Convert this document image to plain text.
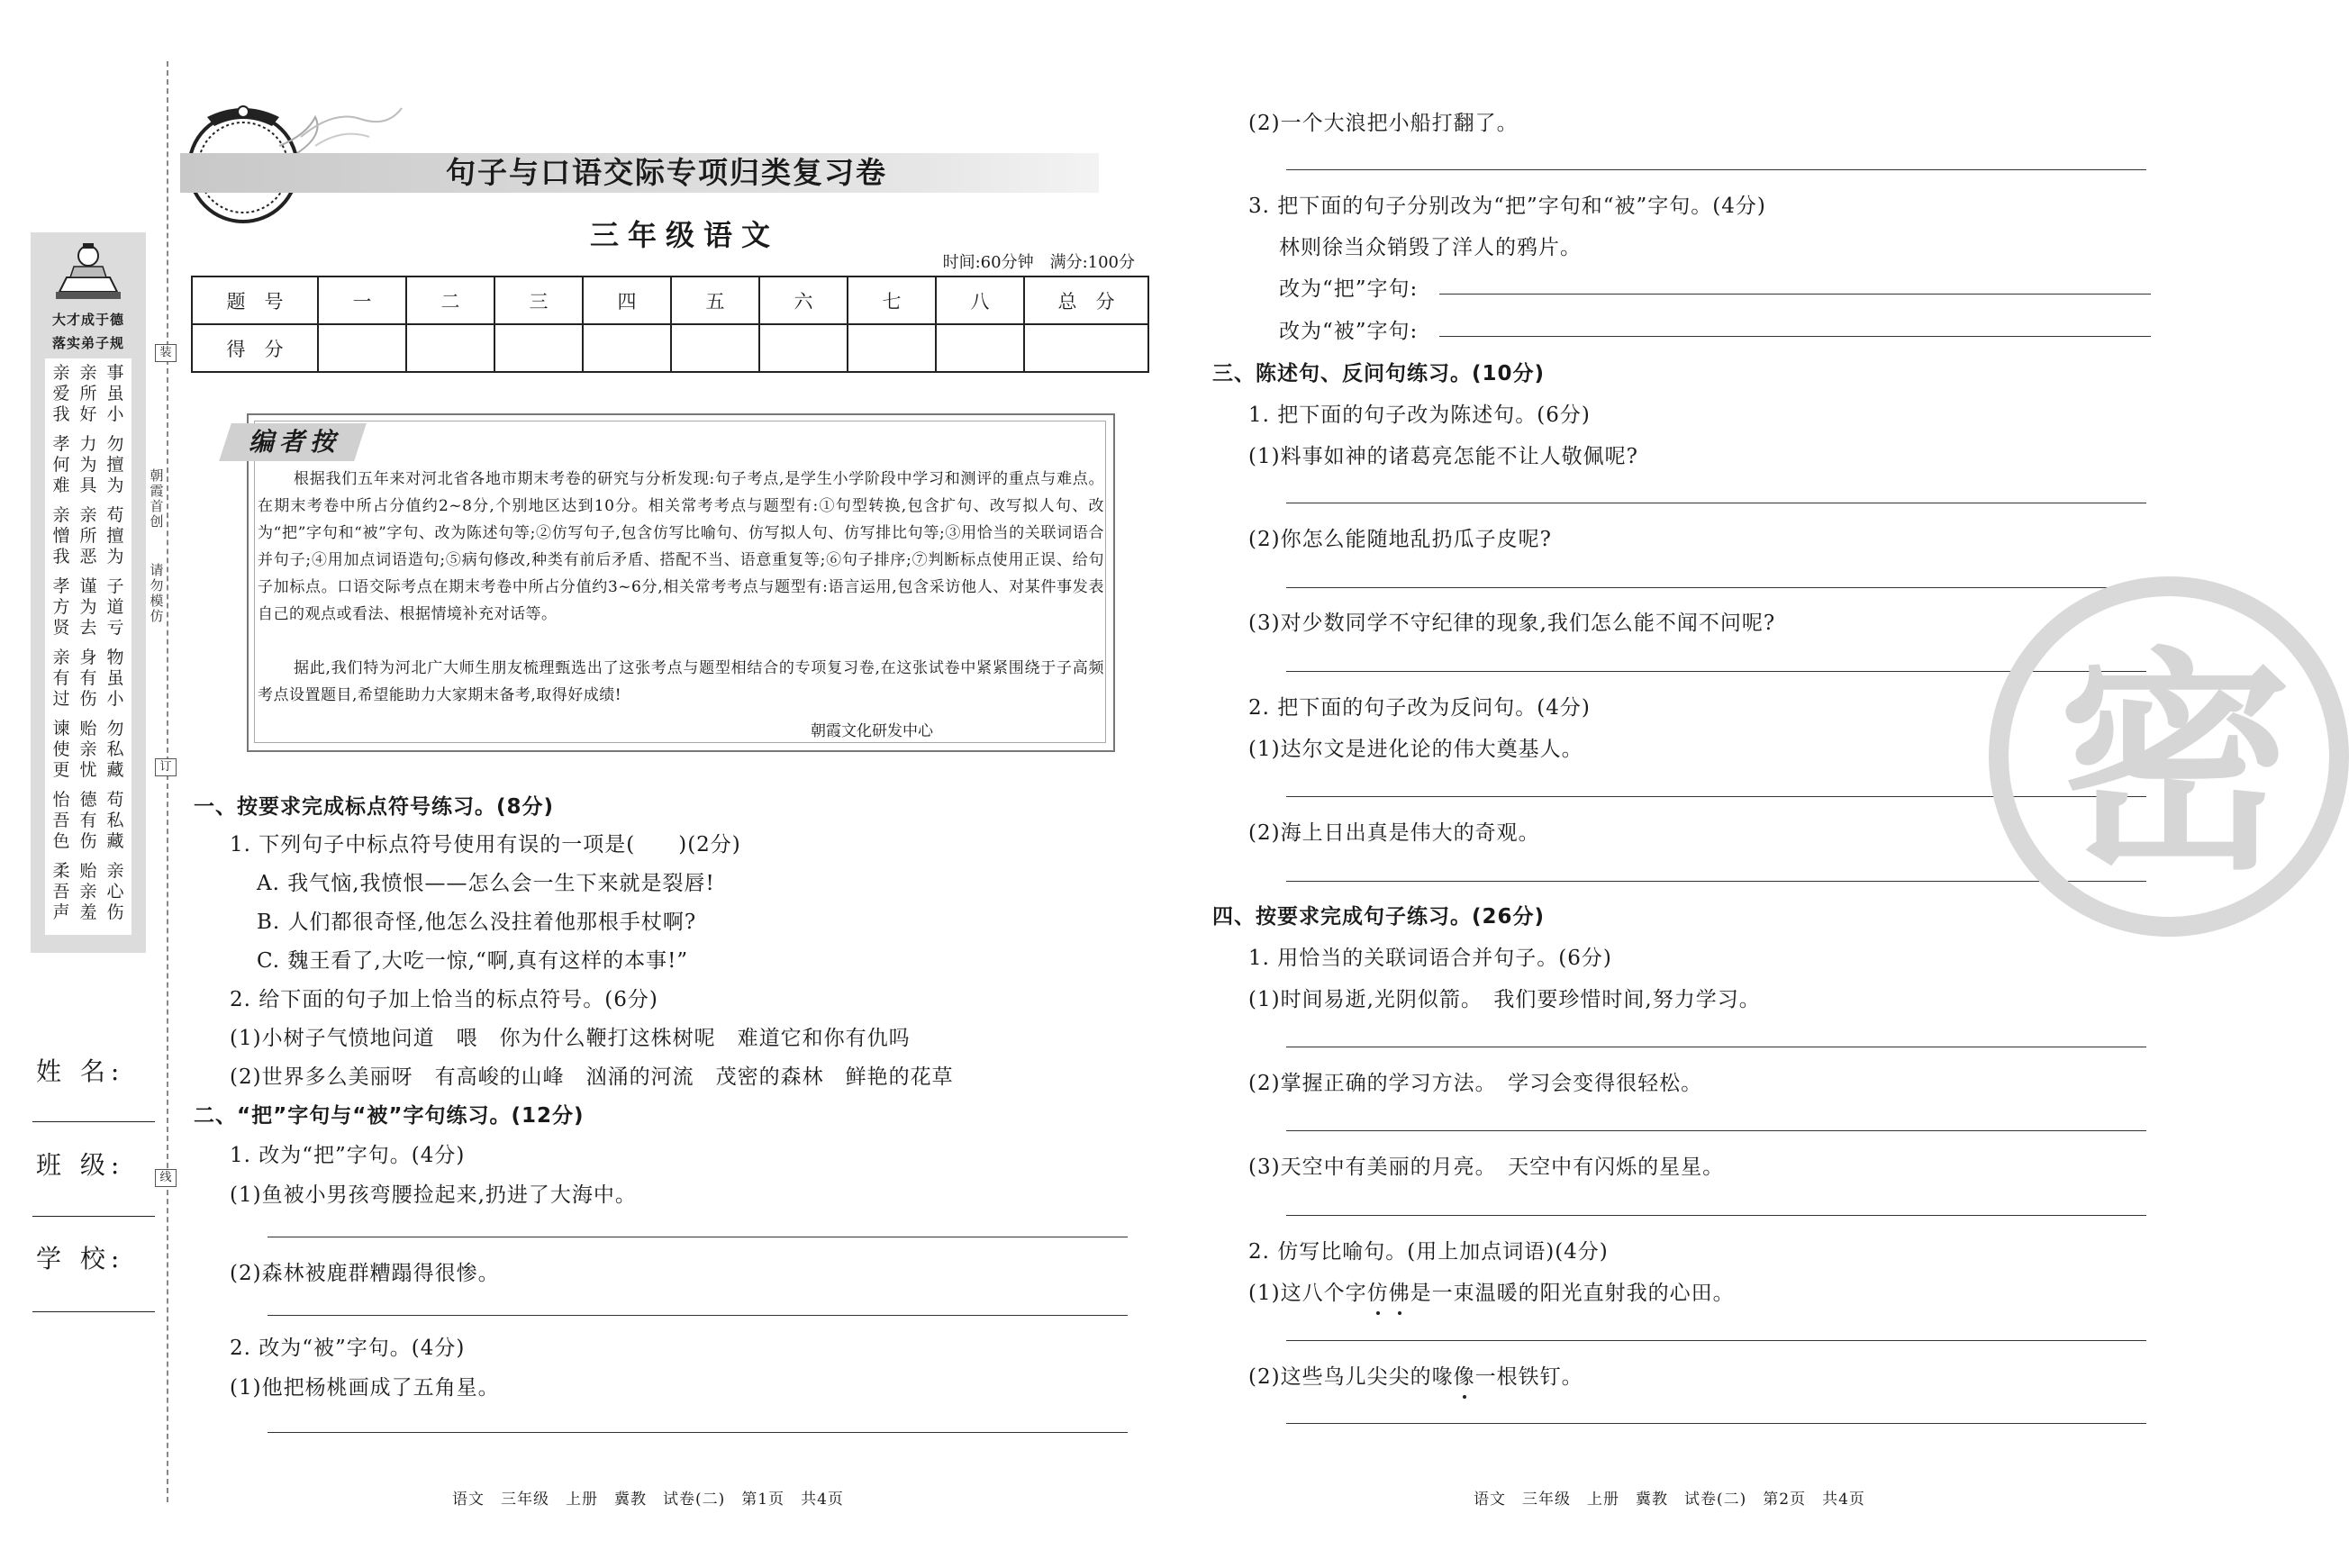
大才成于德
落实弟子规
亲爱我
亲所好
事虽小
孝何难
力为具
勿擅为
亲憎我
亲所恶
苟擅为
孝方贤
谨为去
子道亏
亲有过
身有伤
物虽小
谏使更
贻亲忧
勿私藏
怡吾色
德有伤
苟私藏
柔吾声
贻亲羞
亲心伤
姓 名:
班 级:
学 校:
装
订
线
朝霞首创
请勿模仿
句子与口语交际专项归类复习卷
三年级语文
时间:60分钟　满分:100分
题　号	一	二	三	四	五	六	七	八	总　分
得　分									
编者按
根据我们五年来对河北省各地市期末考卷的研究与分析发现:句子考点,是学生小学阶段中学习和测评的重点与难点。在期末考卷中所占分值约2~8分,个别地区达到10分。相关常考考点与题型有:①句型转换,包含扩句、改写拟人句、改为“把”字句和“被”字句、改为陈述句等;②仿写句子,包含仿写比喻句、仿写拟人句、仿写排比句等;③用恰当的关联词语合并句子;④用加点词语造句;⑤病句修改,种类有前后矛盾、搭配不当、语意重复等;⑥句子排序;⑦判断标点使用正误、给句子加标点。口语交际考点在期末考卷中所占分值约3~6分,相关常考考点与题型有:语言运用,包含采访他人、对某件事发表自己的观点或看法、根据情境补充对话等。
据此,我们特为河北广大师生朋友梳理甄选出了这张考点与题型相结合的专项复习卷,在这张试卷中紧紧围绕于子高频考点设置题目,希望能助力大家期末备考,取得好成绩!
朝霞文化研发中心
一、按要求完成标点符号练习。(8分)
1. 下列句子中标点符号使用有误的一项是(　　)(2分)
A. 我气恼,我愤恨——怎么会一生下来就是裂唇!
B. 人们都很奇怪,他怎么没拄着他那根手杖啊?
C. 魏王看了,大吃一惊,“啊,真有这样的本事!”
2. 给下面的句子加上恰当的标点符号。(6分)
(1)小树子气愤地问道　喂　你为什么鞭打这株树呢　难道它和你有仇吗
(2)世界多么美丽呀　有高峻的山峰　汹涌的河流　茂密的森林　鲜艳的花草
二、“把”字句与“被”字句练习。(12分)
1. 改为“把”字句。(4分)
(1)鱼被小男孩弯腰捡起来,扔进了大海中。
(2)森林被鹿群糟蹋得很惨。
2. 改为“被”字句。(4分)
(1)他把杨桃画成了五角星。
语文　三年级　上册　冀教　试卷(二)　第1页　共4页
(2)一个大浪把小船打翻了。
3. 把下面的句子分别改为“把”字句和“被”字句。(4分)
林则徐当众销毁了洋人的鸦片。
改为“把”字句:
改为“被”字句:
三、陈述句、反问句练习。(10分)
1. 把下面的句子改为陈述句。(6分)
(1)料事如神的诸葛亮怎能不让人敬佩呢?
(2)你怎么能随地乱扔瓜子皮呢?
(3)对少数同学不守纪律的现象,我们怎么能不闻不问呢?
2. 把下面的句子改为反问句。(4分)
(1)达尔文是进化论的伟大奠基人。
(2)海上日出真是伟大的奇观。
四、按要求完成句子练习。(26分)
1. 用恰当的关联词语合并句子。(6分)
(1)时间易逝,光阴似箭。　我们要珍惜时间,努力学习。
(2)掌握正确的学习方法。　学习会变得很轻松。
(3)天空中有美丽的月亮。　天空中有闪烁的星星。
2. 仿写比喻句。(用上加点词语)(4分)
(1)这八个字仿佛是一束温暖的阳光直射我的心田。
(2)这些鸟儿尖尖的喙像一根铁钉。
语文　三年级　上册　冀教　试卷(二)　第2页　共4页
密
